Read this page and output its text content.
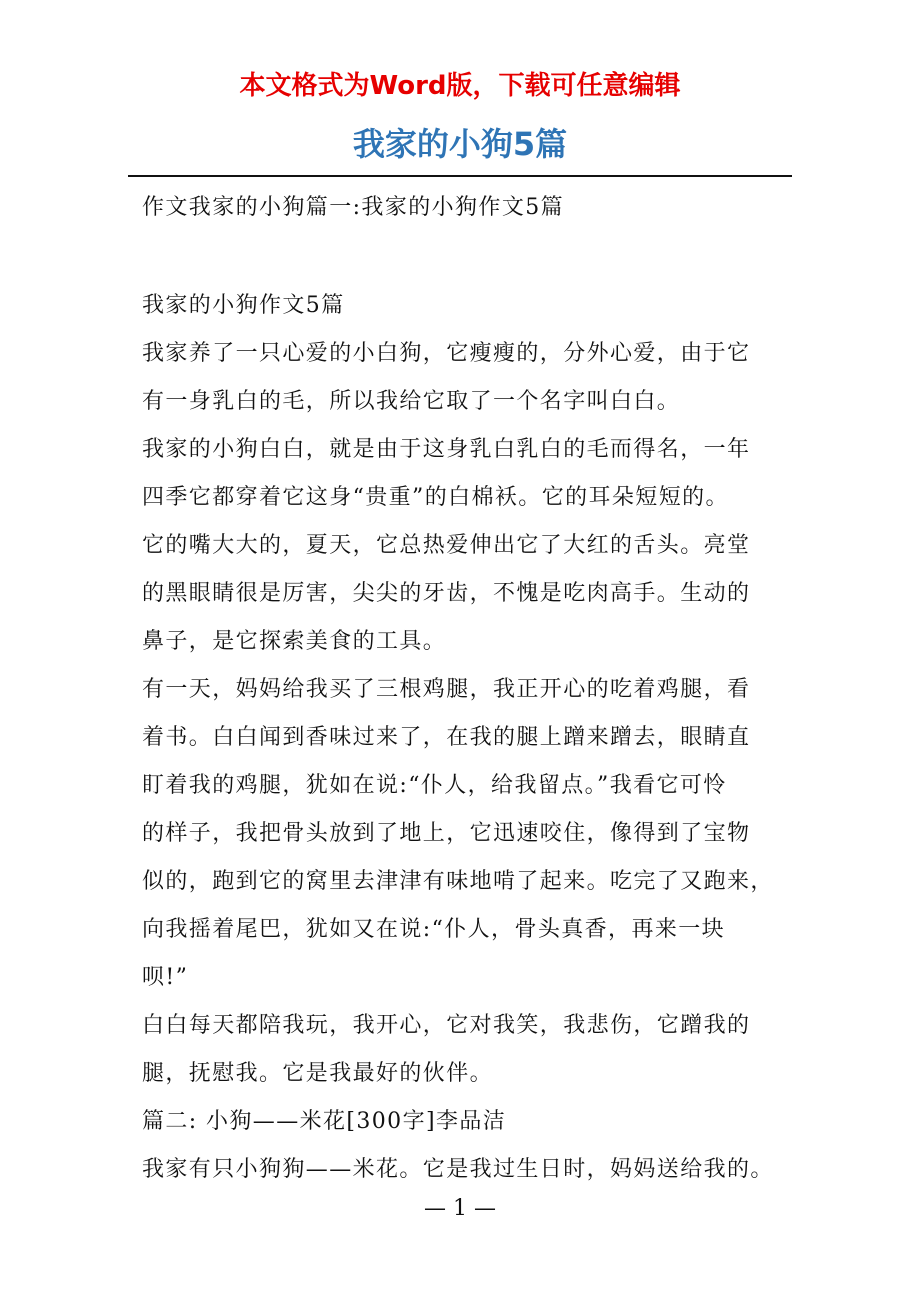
本文格式为Word版，下载可任意编辑
我家的小狗5篇

作文我家的小狗篇一:我家的小狗作文5篇

我家的小狗作文5篇

我家养了一只心爱的小白狗，它瘦瘦的，分外心爱，由于它

有一身乳白的毛，所以我给它取了一个名字叫白白。

我家的小狗白白，就是由于这身乳白乳白的毛而得名，一年

四季它都穿着它这身“贵重”的白棉袄。它的耳朵短短的。

它的嘴大大的，夏天，它总热爱伸出它了大红的舌头。亮堂

的黑眼睛很是厉害，尖尖的牙齿，不愧是吃肉高手。生动的

鼻子，是它探索美食的工具。

有一天，妈妈给我买了三根鸡腿，我正开心的吃着鸡腿，看

着书。白白闻到香味过来了，在我的腿上蹭来蹭去，眼睛直

盯着我的鸡腿，犹如在说:“仆人，给我留点。”我看它可怜

的样子，我把骨头放到了地上，它迅速咬住，像得到了宝物

似的，跑到它的窝里去津津有味地啃了起来。吃完了又跑来，

向我摇着尾巴，犹如又在说:“仆人，骨头真香，再来一块

呗!”

白白每天都陪我玩，我开心，它对我笑，我悲伤，它蹭我的

腿，抚慰我。它是我最好的伙伴。

篇二: 小狗——米花[300字]李品洁

我家有只小狗狗——米花。它是我过生日时，妈妈送给我的。

— 1 —
